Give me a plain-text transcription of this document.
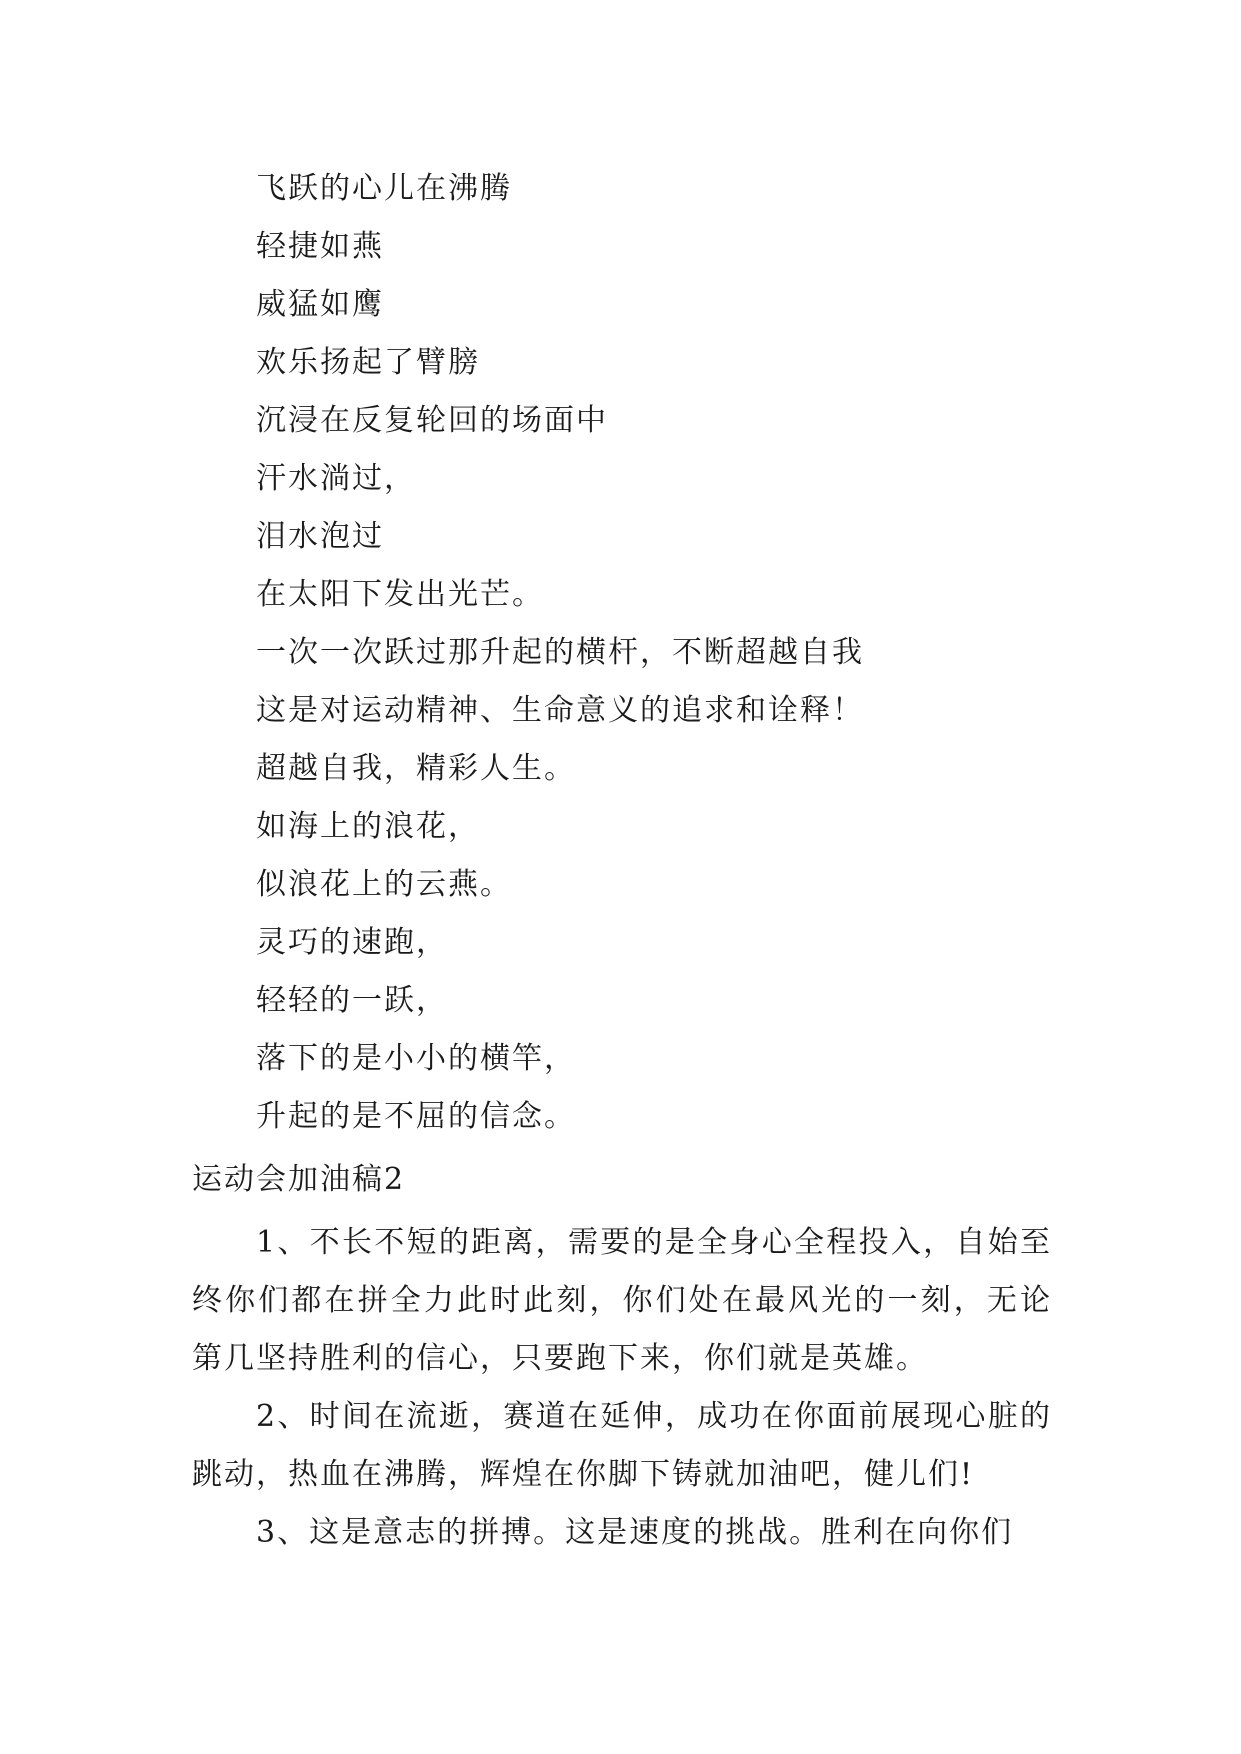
飞跃的心儿在沸腾
轻捷如燕
威猛如鹰
欢乐扬起了臂膀
沉浸在反复轮回的场面中
汗水淌过，
泪水泡过
在太阳下发出光芒。
一次一次跃过那升起的横杆，不断超越自我
这是对运动精神、生命意义的追求和诠释！
超越自我，精彩人生。
如海上的浪花，
似浪花上的云燕。
灵巧的速跑，
轻轻的一跃，
落下的是小小的横竿，
升起的是不屈的信念。
运动会加油稿2

1、不长不短的距离，需要的是全身心全程投入，自始至终你们都在拼全力此时此刻，你们处在最风光的一刻，无论第几坚持胜利的信心，只要跑下来，你们就是英雄。

2、时间在流逝，赛道在延伸，成功在你面前展现心脏的跳动，热血在沸腾，辉煌在你脚下铸就加油吧，健儿们!

3、这是意志的拼搏。这是速度的挑战。胜利在向你们
